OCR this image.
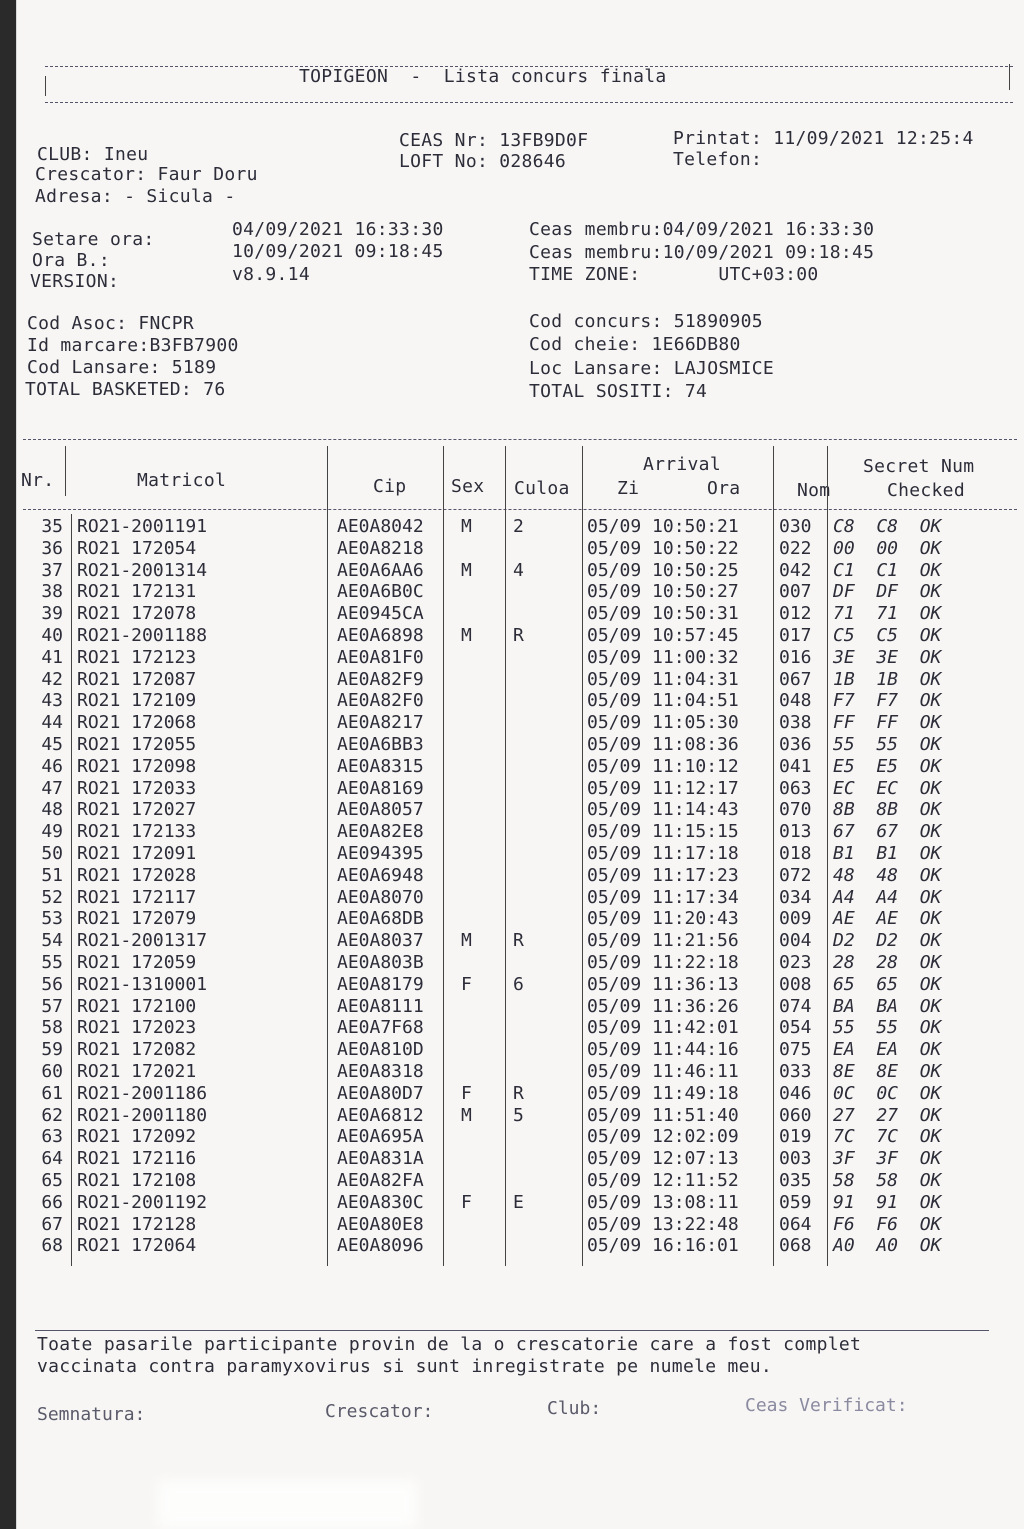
TOPIGEON  -  Lista concurs finala
CLUB: Ineu
Crescator: Faur Doru
Adresa: - Sicula -
CEAS Nr: 13FB9D0F
LOFT No: 028646
Printat: 11/09/2021 12:25:4
Telefon:
Setare ora:
Ora B.:
VERSION:
04/09/2021 16:33:30
10/09/2021 09:18:45
v8.9.14
Ceas membru:04/09/2021 16:33:30
Ceas membru:10/09/2021 09:18:45
TIME ZONE:       UTC+03:00
Cod Asoc: FNCPR
Id marcare:B3FB7900
Cod Lansare: 5189
TOTAL BASKETED: 76
Cod concurs: 51890905
Cod cheie: 1E66DB80
Loc Lansare: LAJOSMICE
TOTAL SOSITI: 74
Nr.	Matricol	Cip Sex Culoa
Arrival
Zi	Ora	Nom
Secret Num
Checked
35 RO21-2001191	AE0A8042 M 2	05/09 10:50:21 030 C8  C8  OK
36 RO21 172054	AE0A8218	05/09 10:50:22 022 00  00  OK
37 RO21-2001314	AE0A6AA6 M 4	05/09 10:50:25 042 C1  C1  OK
38 RO21 172131	AE0A6B0C	05/09 10:50:27 007 DF  DF  OK
39 RO21 172078	AE0945CA	05/09 10:50:31 012 71  71  OK
40 RO21-2001188	AE0A6898 M R	05/09 10:57:45 017 C5  C5  OK
41 RO21 172123	AE0A81F0	05/09 11:00:32 016 3E  3E  OK
42 RO21 172087	AE0A82F9	05/09 11:04:31 067 1B  1B  OK
43 RO21 172109	AE0A82F0	05/09 11:04:51 048 F7  F7  OK
44 RO21 172068	AE0A8217	05/09 11:05:30 038 FF  FF  OK
45 RO21 172055	AE0A6BB3	05/09 11:08:36 036 55  55  OK
46 RO21 172098	AE0A8315	05/09 11:10:12 041 E5  E5  OK
47 RO21 172033	AE0A8169	05/09 11:12:17 063 EC  EC  OK
48 RO21 172027	AE0A8057	05/09 11:14:43 070 8B  8B  OK
49 RO21 172133	AE0A82E8	05/09 11:15:15 013 67  67  OK
50 RO21 172091	AE094395	05/09 11:17:18 018 B1  B1  OK
51 RO21 172028	AE0A6948	05/09 11:17:23 072 48  48  OK
52 RO21 172117	AE0A8070	05/09 11:17:34 034 A4  A4  OK
53 RO21 172079	AE0A68DB	05/09 11:20:43 009 AE  AE  OK
54 RO21-2001317	AE0A8037 M R	05/09 11:21:56 004 D2  D2  OK
55 RO21 172059	AE0A803B	05/09 11:22:18 023 28  28  OK
56 RO21-1310001	AE0A8179 F 6	05/09 11:36:13 008 65  65  OK
57 RO21 172100	AE0A8111	05/09 11:36:26 074 BA  BA  OK
58 RO21 172023	AE0A7F68	05/09 11:42:01 054 55  55  OK
59 RO21 172082	AE0A810D	05/09 11:44:16 075 EA  EA  OK
60 RO21 172021	AE0A8318	05/09 11:46:11 033 8E  8E  OK
61 RO21-2001186	AE0A80D7 F R	05/09 11:49:18 046 0C  0C  OK
62 RO21-2001180	AE0A6812 M 5	05/09 11:51:40 060 27  27  OK
63 RO21 172092	AE0A695A	05/09 12:02:09 019 7C  7C  OK
64 RO21 172116	AE0A831A	05/09 12:07:13 003 3F  3F  OK
65 RO21 172108	AE0A82FA	05/09 12:11:52 035 58  58  OK
66 RO21-2001192	AE0A830C F E	05/09 13:08:11 059 91  91  OK
67 RO21 172128	AE0A80E8	05/09 13:22:48 064 F6  F6  OK
68 RO21 172064	AE0A8096	05/09 16:16:01 068 A0  A0  OK
Toate pasarile participante provin de la o crescatorie care a fost complet
vaccinata contra paramyxovirus si sunt inregistrate pe numele meu.
Semnatura:	Crescator:	Club:	Ceas Verificat:
